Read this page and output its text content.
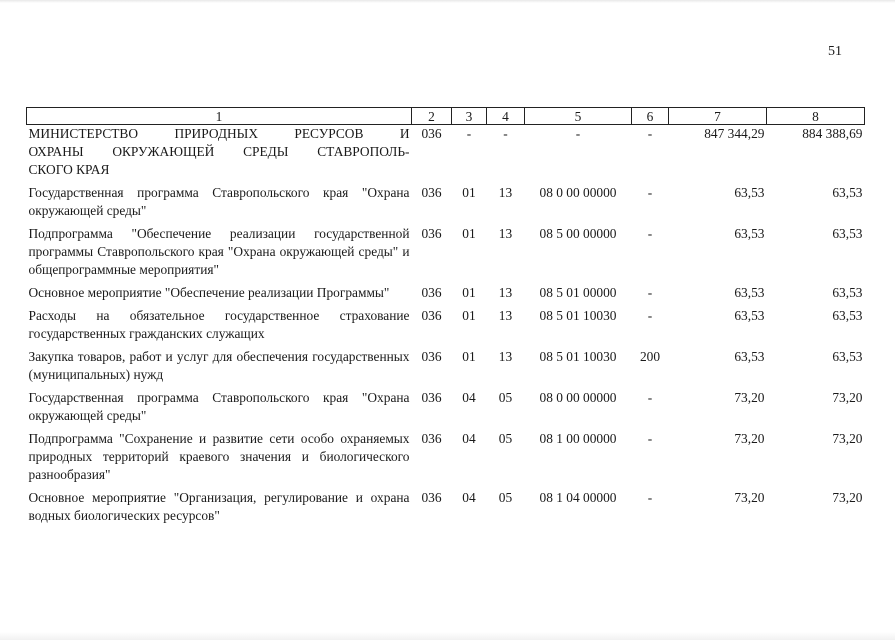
51
1	2	3	4	5	6	7	8

МИНИСТЕРСТВО ПРИРОДНЫХ РЕСУРСОВ И
ОХРАНЫ ОКРУЖАЮЩЕЙ СРЕДЫ СТАВРОПОЛЬ-
СКОГО КРАЯ	036	-	-	-	-	847 344,29	884 388,69
Государственная программа Ставропольского края "Охрана окружающей среды"	036	01	13	08 0 00 00000	-	63,53	63,53
Подпрограмма "Обеспечение реализации государственной программы Ставропольского края "Охрана окружающей среды" и общепрограммные мероприятия"	036	01	13	08 5 00 00000	-	63,53	63,53
Основное мероприятие "Обеспечение реализации Программы"	036	01	13	08 5 01 00000	-	63,53	63,53
Расходы на обязательное государственное страхование государственных гражданских служащих	036	01	13	08 5 01 10030	-	63,53	63,53
Закупка товаров, работ и услуг для обеспечения государственных (муниципальных) нужд	036	01	13	08 5 01 10030	200	63,53	63,53
Государственная программа Ставропольского края "Охрана окружающей среды"	036	04	05	08 0 00 00000	-	73,20	73,20
Подпрограмма "Сохранение и развитие сети особо охраняемых природных территорий краевого значения и биологического разнообразия"	036	04	05	08 1 00 00000	-	73,20	73,20
Основное мероприятие "Организация, регулирование и охрана водных биологических ресурсов"	036	04	05	08 1 04 00000	-	73,20	73,20
